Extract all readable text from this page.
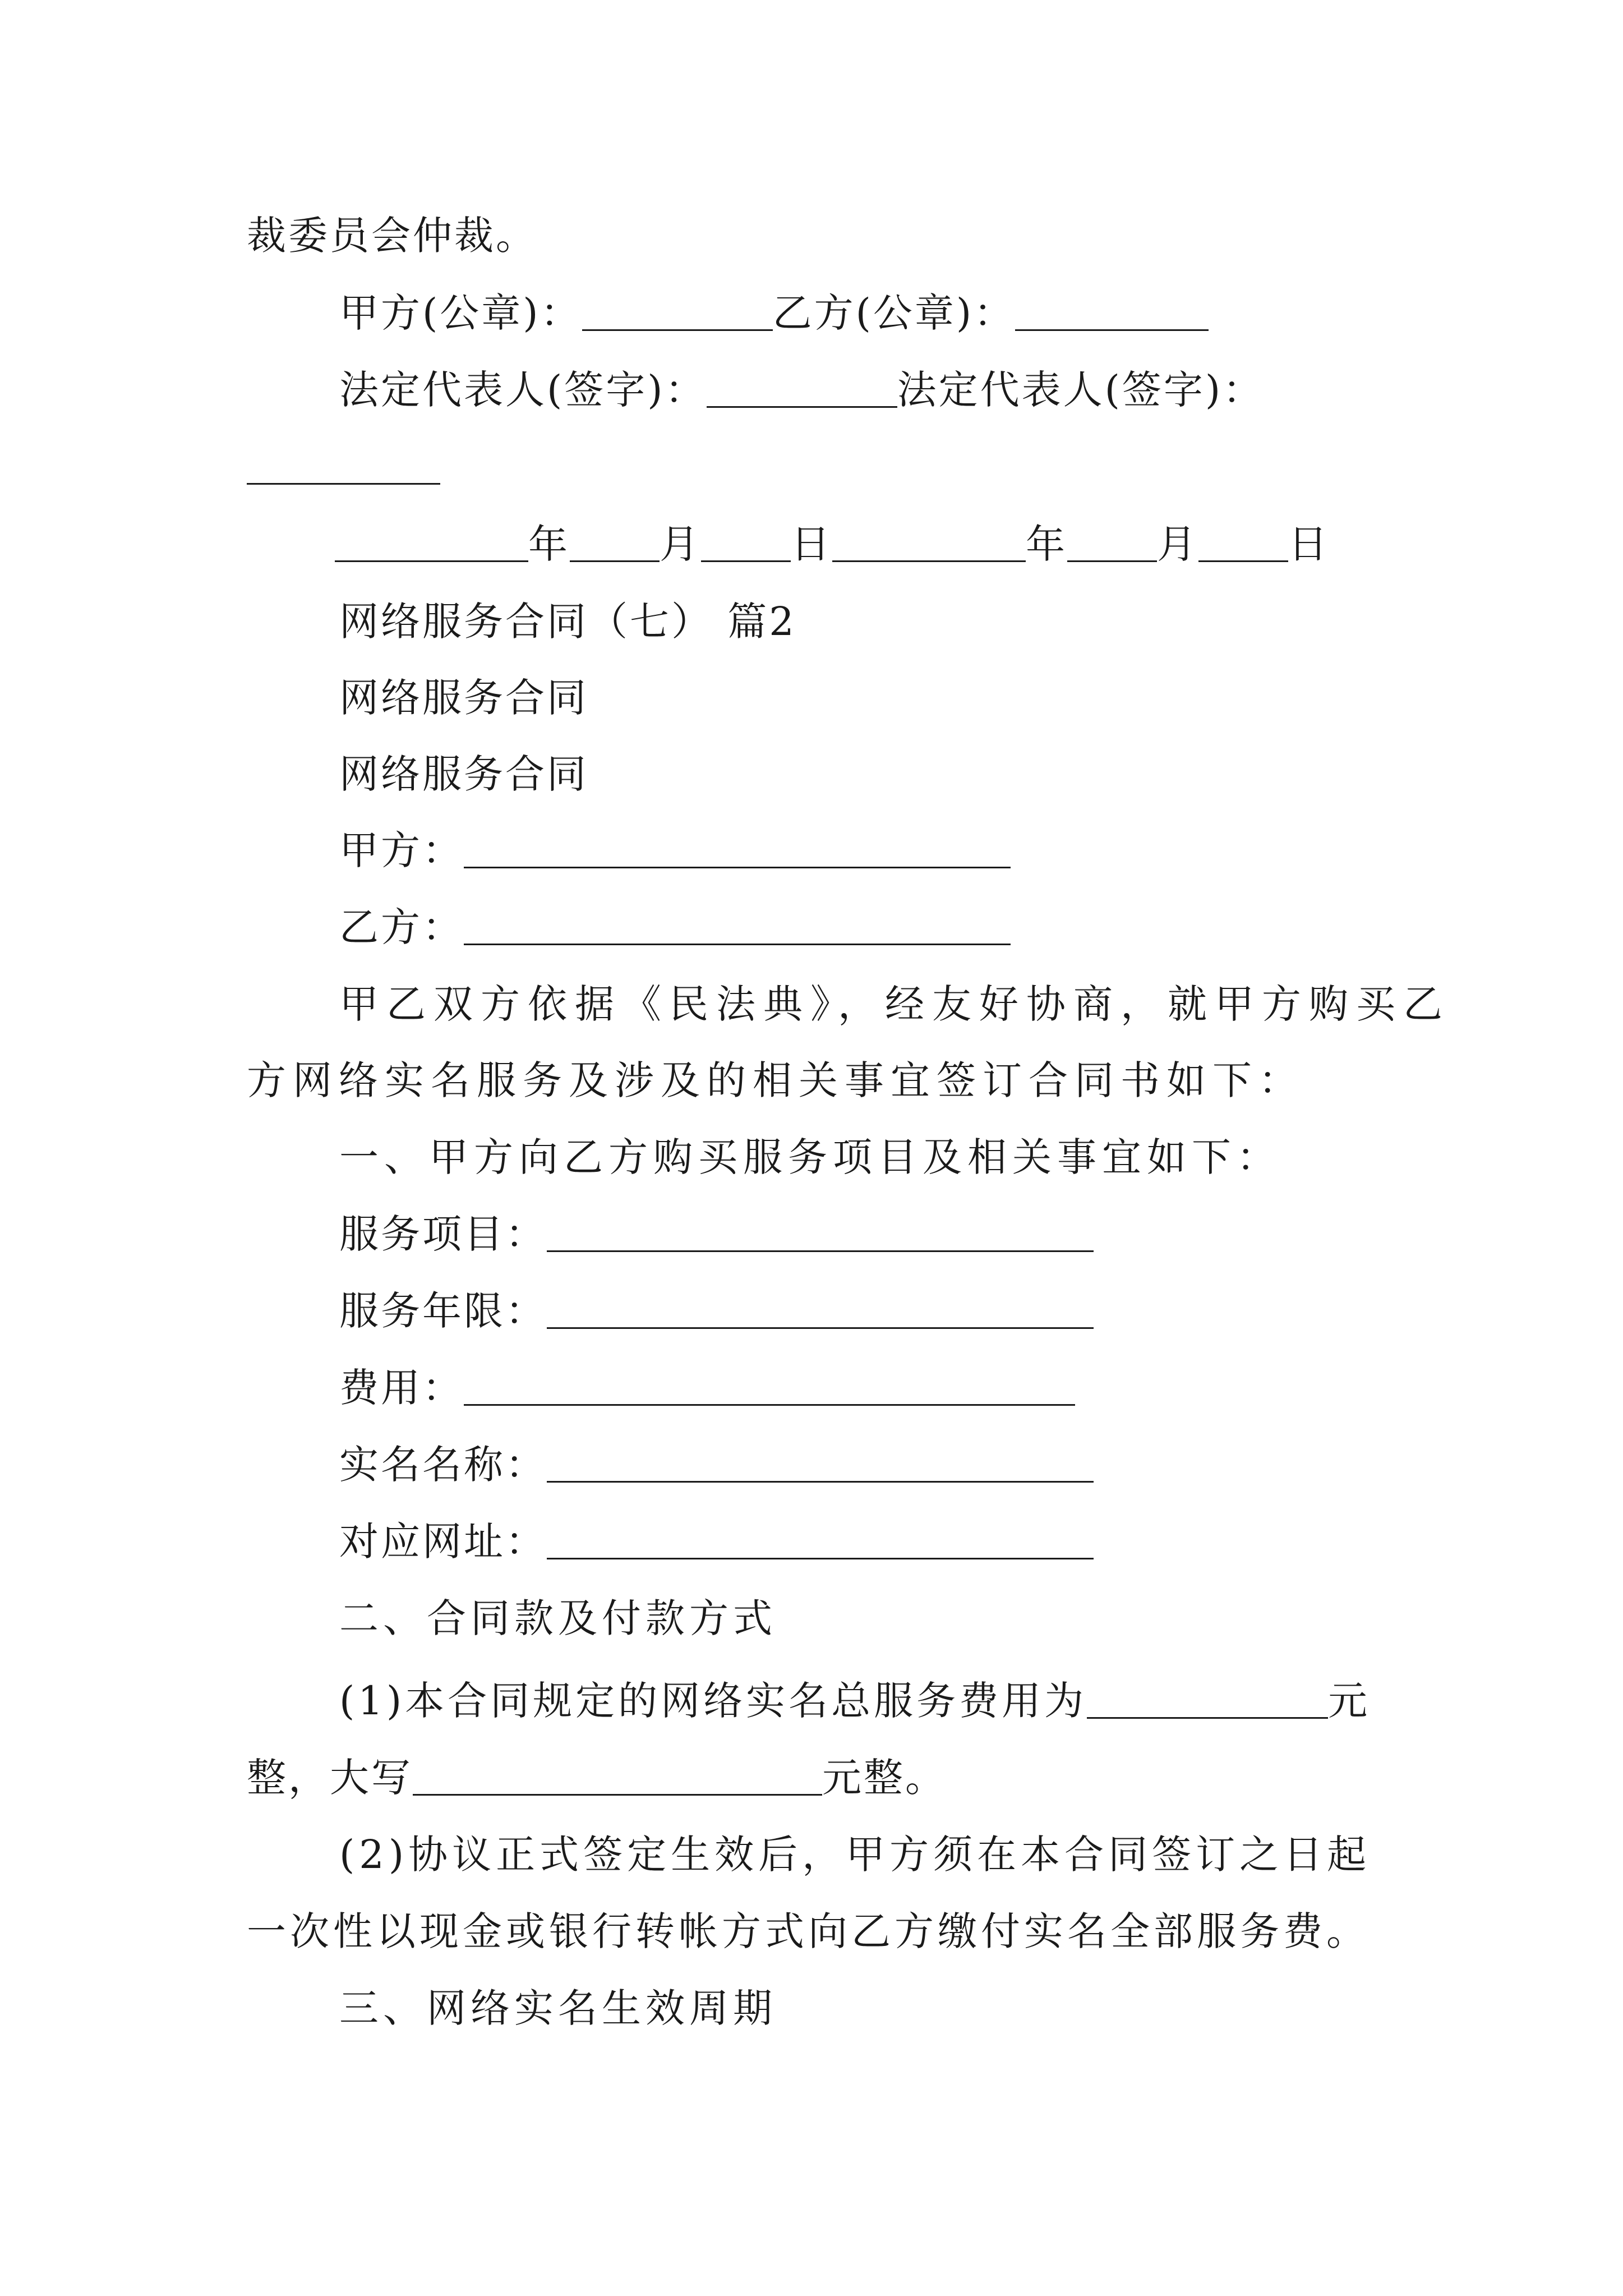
裁委员会仲裁。
甲方(公章)：	乙方(公章)：
法定代表人(签字)：	法定代表人(签字)：
年 月 日	年 月 日
网络服务合同（七） 篇2
网络服务合同
网络服务合同
甲方：
乙方：
甲乙双方依据《民法典》，经友好协商，就甲方购买乙
方网络实名服务及涉及的相关事宜签订合同书如下：
一、甲方向乙方购买服务项目及相关事宜如下：
服务项目：
服务年限：
费用：
实名名称：
对应网址：
二、合同款及付款方式
(1)本合同规定的网络实名总服务费用为	元
整，大写	元整。
(2)协议正式签定生效后，甲方须在本合同签订之日起
一次性以现金或银行转帐方式向乙方缴付实名全部服务费。
三、网络实名生效周期
